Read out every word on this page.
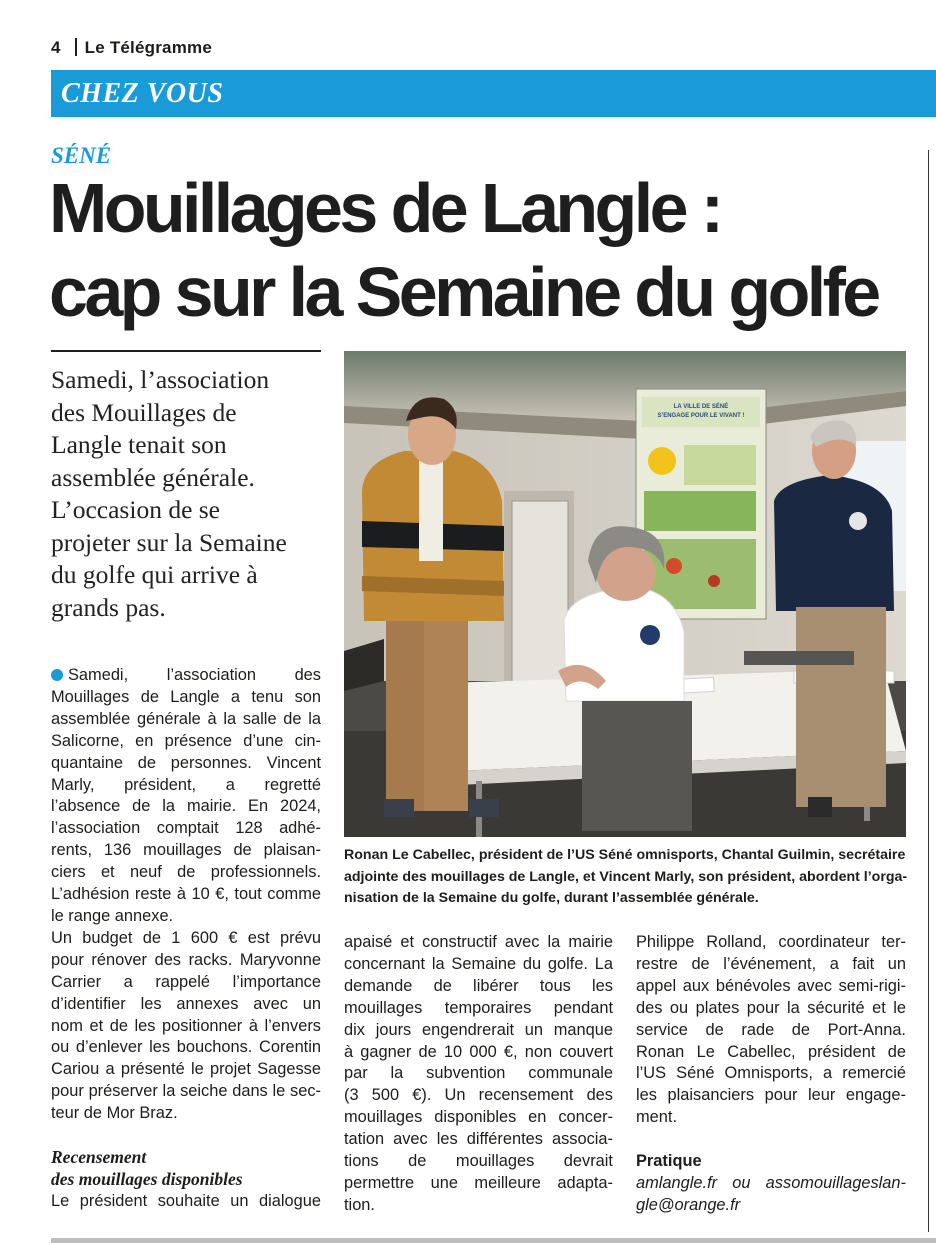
4 Le Télégramme
CHEZ VOUS
SÉNÉ
Mouillages de Langle :
cap sur la Semaine du golfe
Samedi, l’association
des Mouillages de
Langle tenait son
assemblée générale.
L’occasion de se
projeter sur la Semaine
du golfe qui arrive à
grands pas.
LA VILLE DE SÉNÉ
S’ENGAGE POUR LE VIVANT !
Ronan Le Cabellec, président de l’US Séné omnisports, Chantal Guilmin, secrétaire
adjointe des mouillages de Langle, et Vincent Marly, son président, abordent l’orga-
nisation de la Semaine du golfe, durant l’assemblée générale.
Samedi, l’association des
Mouillages de Langle a tenu son
assemblée générale à la salle de la
Salicorne, en présence d’une cin-
quantaine de personnes. Vincent
Marly, président, a regretté
l’absence de la mairie. En 2024,
l’association comptait 128 adhé-
rents, 136 mouillages de plaisan-
ciers et neuf de professionnels.
L’adhésion reste à 10 €, tout comme
le range annexe.
Un budget de 1 600 € est prévu
pour rénover des racks. Maryvonne
Carrier a rappelé l’importance
d’identifier les annexes avec un
nom et de les positionner à l’envers
ou d’enlever les bouchons. Corentin
Cariou a présenté le projet Sagesse
pour préserver la seiche dans le sec-
teur de Mor Braz.
Recensement
des mouillages disponibles
Le président souhaite un dialogue
apaisé et constructif avec la mairie
concernant la Semaine du golfe. La
demande de libérer tous les
mouillages temporaires pendant
dix jours engendrerait un manque
à gagner de 10 000 €, non couvert
par la subvention communale
(3 500 €). Un recensement des
mouillages disponibles en concer-
tation avec les différentes associa-
tions de mouillages devrait
permettre une meilleure adapta-
tion.
Philippe Rolland, coordinateur ter-
restre de l’événement, a fait un
appel aux bénévoles avec semi-rigi-
des ou plates pour la sécurité et le
service de rade de Port-Anna.
Ronan Le Cabellec, président de
l’US Séné Omnisports, a remercié
les plaisanciers pour leur engage-
ment.
Pratique
amlangle.fr ou assomouillageslan-
gle@orange.fr
